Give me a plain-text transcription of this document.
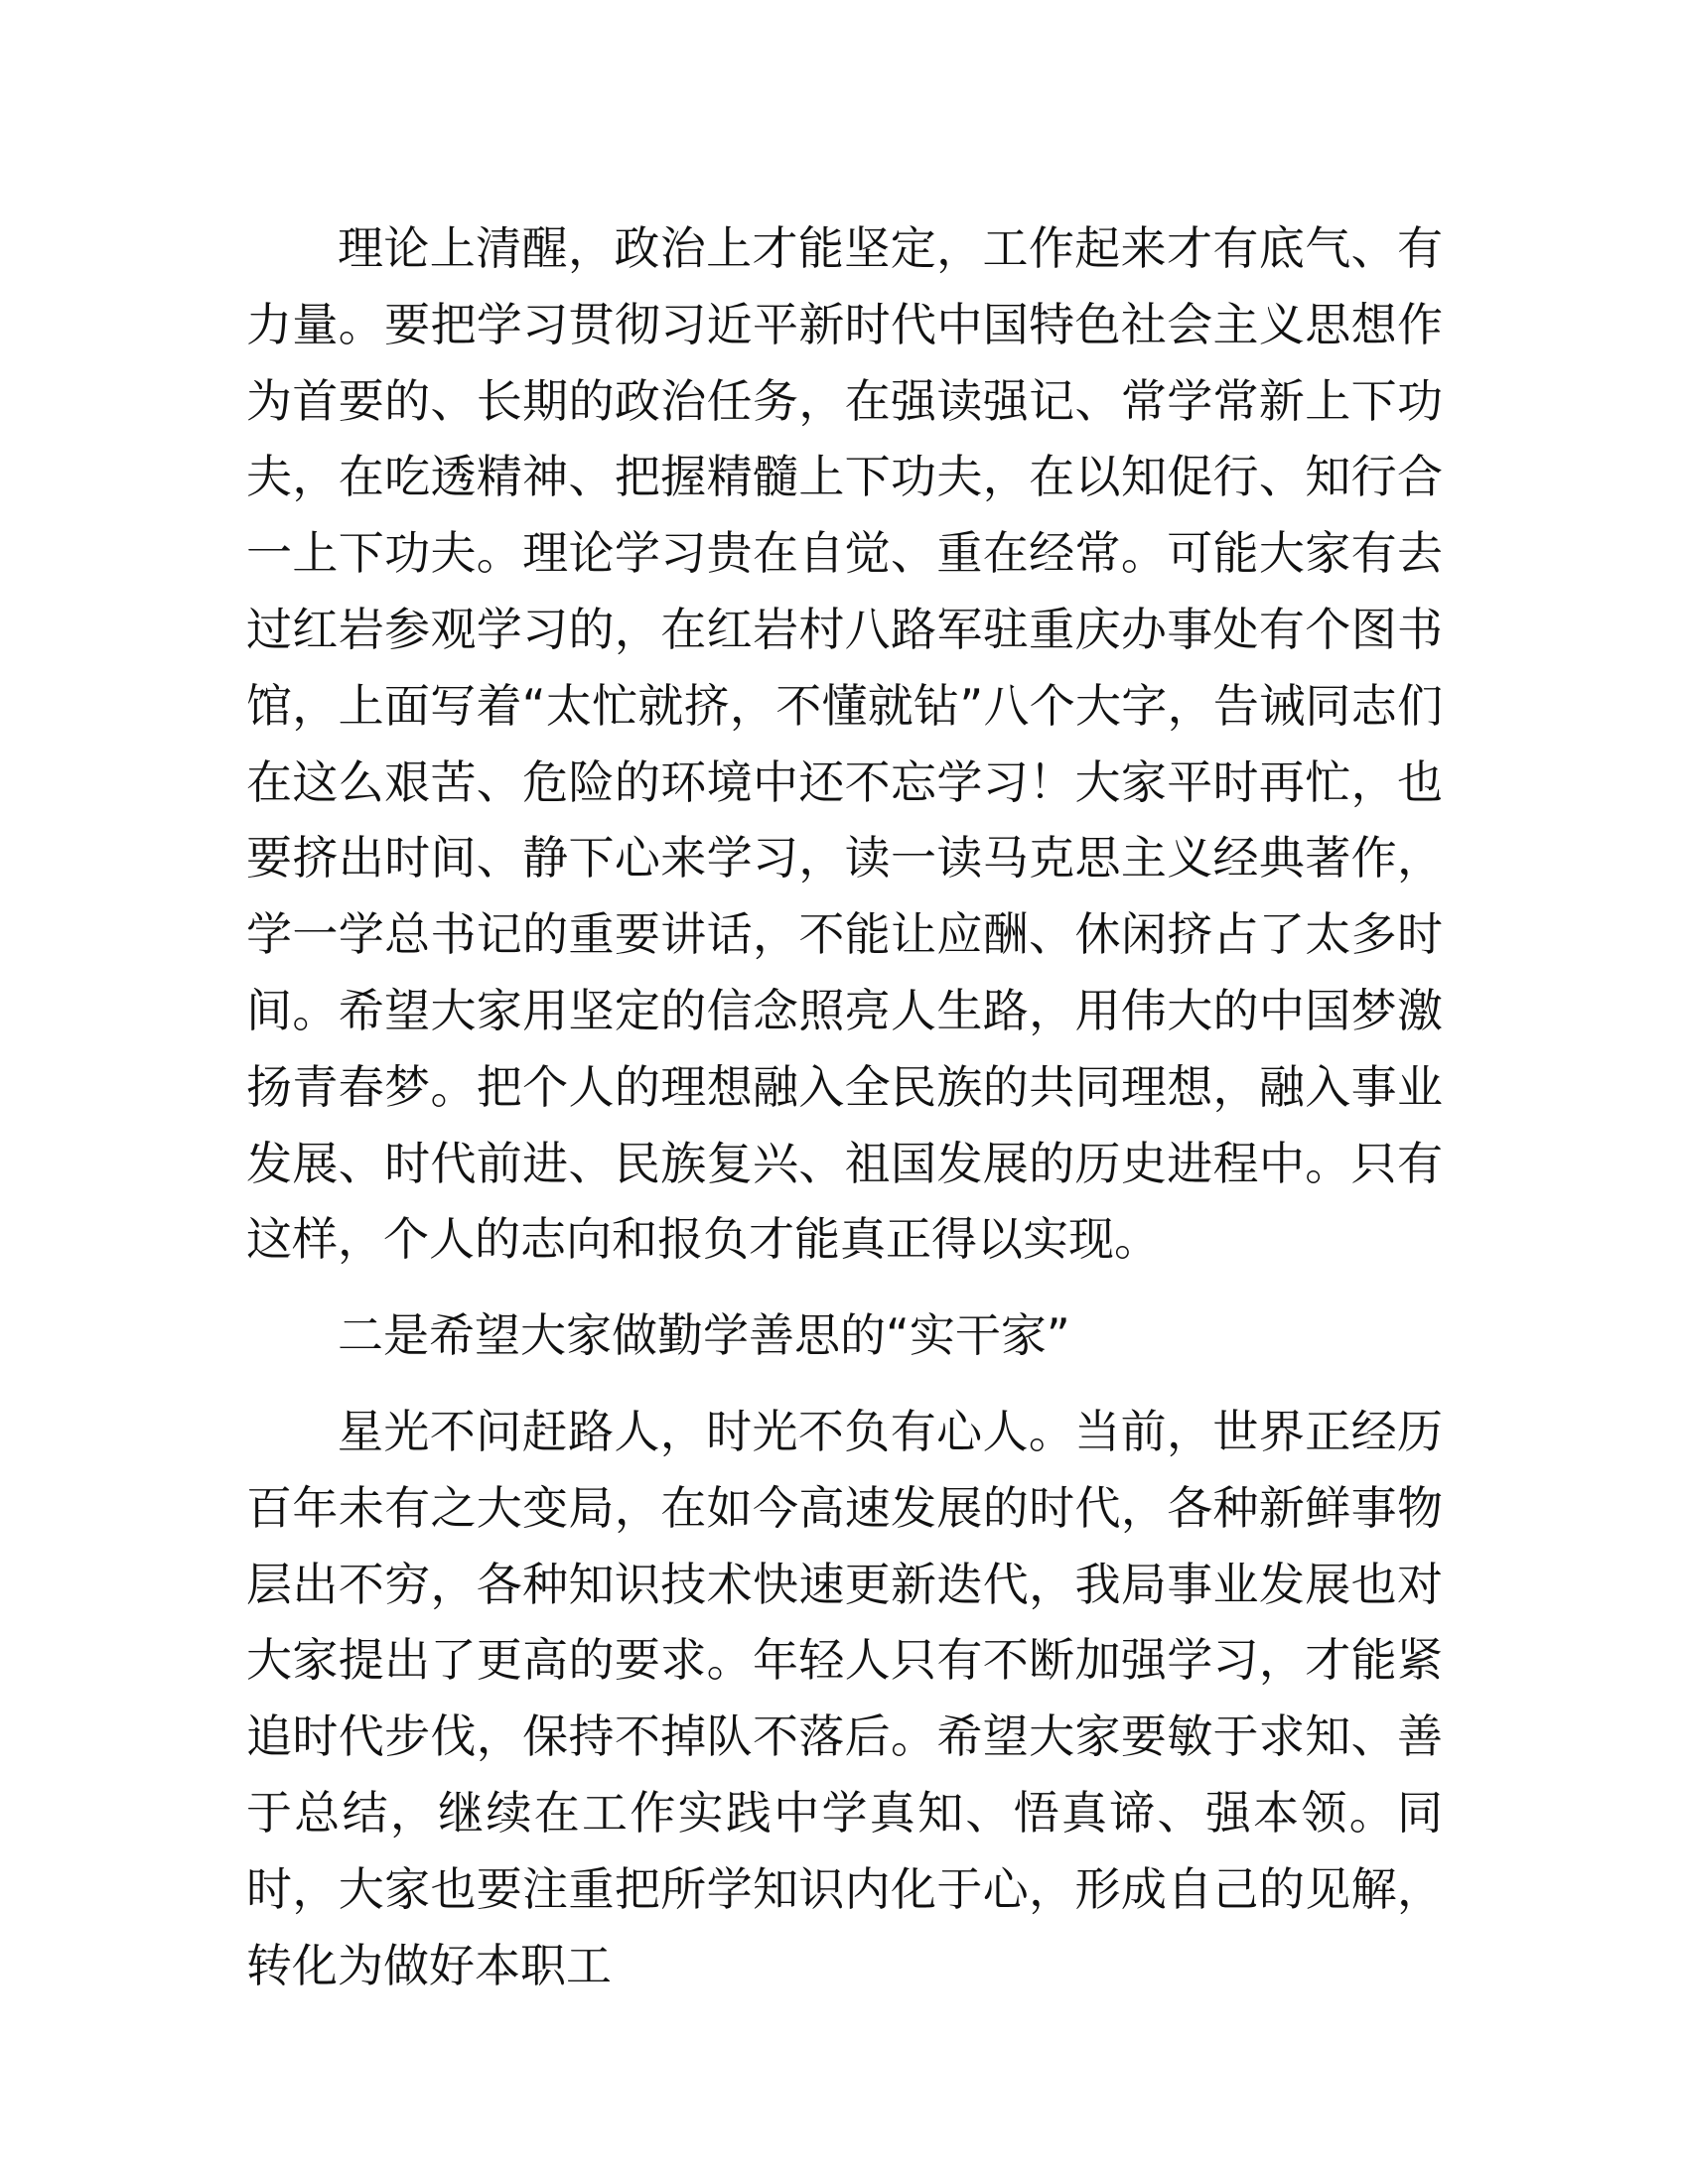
理论上清醒，政治上才能坚定，工作起来才有底气、有力量。要把学习贯彻习近平新时代中国特色社会主义思想作为首要的、长期的政治任务，在强读强记、常学常新上下功夫，在吃透精神、把握精髓上下功夫，在以知促行、知行合一上下功夫。理论学习贵在自觉、重在经常。可能大家有去过红岩参观学习的，在红岩村八路军驻重庆办事处有个图书馆，上面写着“太忙就挤，不懂就钻”八个大字，告诫同志们在这么艰苦、危险的环境中还不忘学习！大家平时再忙，也要挤出时间、静下心来学习，读一读马克思主义经典著作，学一学总书记的重要讲话，不能让应酬、休闲挤占了太多时间。希望大家用坚定的信念照亮人生路，用伟大的中国梦激扬青春梦。把个人的理想融入全民族的共同理想，融入事业发展、时代前进、民族复兴、祖国发展的历史进程中。只有这样，个人的志向和报负才能真正得以实现。

二是希望大家做勤学善思的“实干家”

星光不问赶路人，时光不负有心人。当前，世界正经历百年未有之大变局，在如今高速发展的时代，各种新鲜事物层出不穷，各种知识技术快速更新迭代，我局事业发展也对大家提出了更高的要求。年轻人只有不断加强学习，才能紧追时代步伐，保持不掉队不落后。希望大家要敏于求知、善于总结，继续在工作实践中学真知、悟真谛、强本领。同时，大家也要注重把所学知识内化于心，形成自己的见解，转化为做好本职工
